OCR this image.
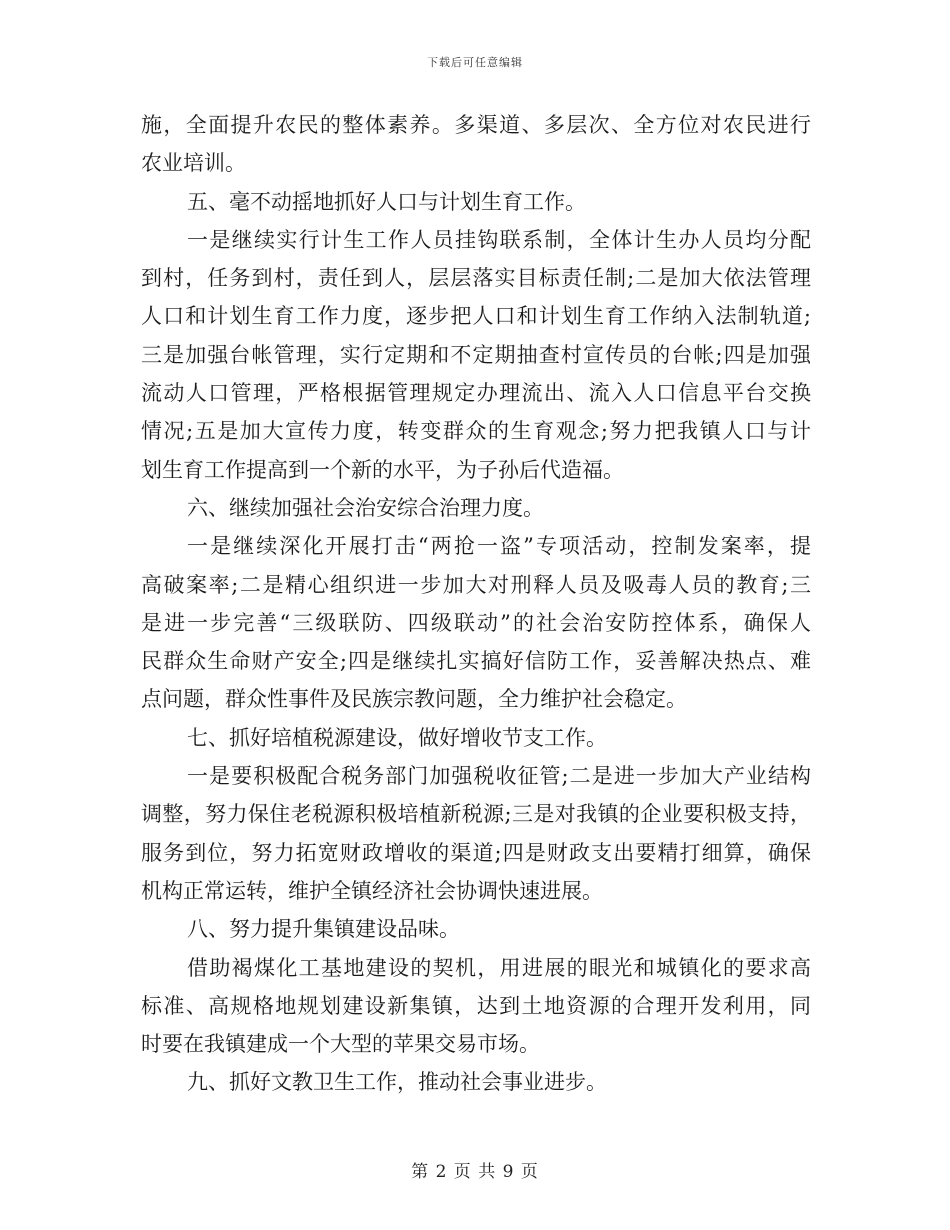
下载后可任意编辑
施，全面提升农民的整体素养。多渠道、多层次、全方位对农民进行
农业培训。
五、毫不动摇地抓好人口与计划生育工作。
一是继续实行计生工作人员挂钩联系制，全体计生办人员均分配
到村，任务到村，责任到人，层层落实目标责任制;二是加大依法管理
人口和计划生育工作力度，逐步把人口和计划生育工作纳入法制轨道;
三是加强台帐管理，实行定期和不定期抽查村宣传员的台帐;四是加强
流动人口管理，严格根据管理规定办理流出、流入人口信息平台交换
情况;五是加大宣传力度，转变群众的生育观念;努力把我镇人口与计
划生育工作提高到一个新的水平，为子孙后代造福。
六、继续加强社会治安综合治理力度。
一是继续深化开展打击“两抢一盗”专项活动，控制发案率，提
高破案率;二是精心组织进一步加大对刑释人员及吸毒人员的教育;三
是进一步完善“三级联防、四级联动”的社会治安防控体系，确保人
民群众生命财产安全;四是继续扎实搞好信防工作，妥善解决热点、难
点问题，群众性事件及民族宗教问题，全力维护社会稳定。
七、抓好培植税源建设，做好增收节支工作。
一是要积极配合税务部门加强税收征管;二是进一步加大产业结构
调整，努力保住老税源积极培植新税源;三是对我镇的企业要积极支持，
服务到位，努力拓宽财政增收的渠道;四是财政支出要精打细算，确保
机构正常运转，维护全镇经济社会协调快速进展。
八、努力提升集镇建设品味。
借助褐煤化工基地建设的契机，用进展的眼光和城镇化的要求高
标准、高规格地规划建设新集镇，达到土地资源的合理开发利用，同
时要在我镇建成一个大型的苹果交易市场。
九、抓好文教卫生工作，推动社会事业进步。
第 2 页 共 9 页
